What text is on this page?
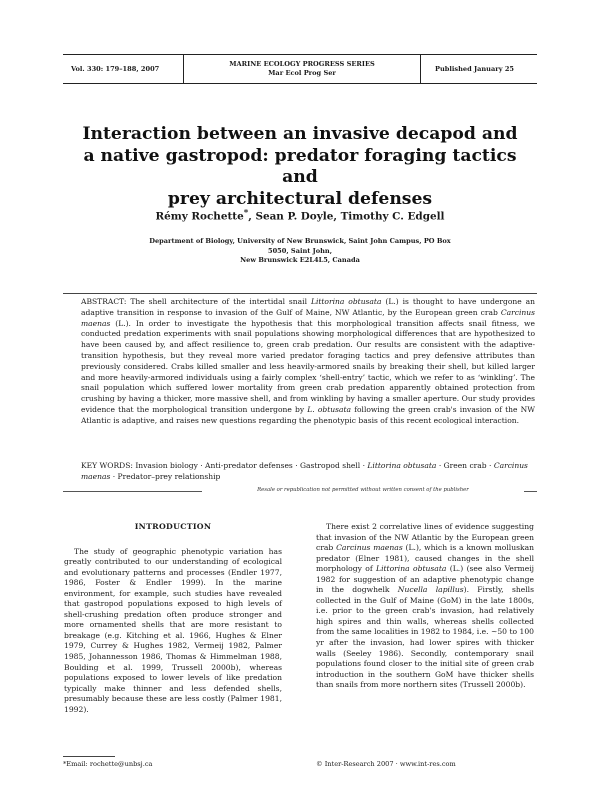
Vol. 330: 179–188, 2007
MARINE ECOLOGY PROGRESS SERIES
Mar Ecol Prog Ser	Published January 25
Interaction between an invasive decapod and
a native gastropod: predator foraging tactics and
prey architectural defenses
Rémy Rochette*, Sean P. Doyle, Timothy C. Edgell
Department of Biology, University of New Brunswick, Saint John Campus, PO Box 5050, Saint John,
New Brunswick E2L4L5, Canada
ABSTRACT: The shell architecture of the intertidal snail Littorina obtusata (L.) is thought to have undergone an adaptive transition in response to invasion of the Gulf of Maine, NW Atlantic, by the European green crab Carcinus maenas (L.). In order to investigate the hypothesis that this morphological transition affects snail fitness, we conducted predation experiments with snail populations showing morphological differences that are hypothesized to have been caused by, and affect resilience to, green crab predation. Our results are consistent with the adaptive-transition hypothesis, but they reveal more varied predator foraging tactics and prey defensive attributes than previously considered. Crabs killed smaller and less heavily-armored snails by breaking their shell, but killed larger and more heavily-armored individuals using a fairly complex ‘shell-entry’ tactic, which we refer to as ‘winkling’. The snail population which suffered lower mortality from green crab predation apparently obtained protection from crushing by having a thicker, more massive shell, and from winkling by having a smaller aperture. Our study provides evidence that the morphological transition undergone by L. obtusata following the green crab's invasion of the NW Atlantic is adaptive, and raises new questions regarding the phenotypic basis of this recent ecological interaction.
KEY WORDS: Invasion biology · Anti-predator defenses · Gastropod shell · Littorina obtusata · Green crab · Carcinus maenas · Predator–prey relationship
Resale or republication not permitted without written consent of the publisher
INTRODUCTION

The study of geographic phenotypic variation has greatly contributed to our understanding of ecological and evolutionary patterns and processes (Endler 1977, 1986, Foster & Endler 1999). In the marine environment, for example, such studies have revealed that gastropod populations exposed to high levels of shell-crushing predation often produce stronger and more ornamented shells that are more resistant to breakage (e.g. Kitching et al. 1966, Hughes & Elner 1979, Currey & Hughes 1982, Vermeij 1982, Palmer 1985, Johannesson 1986, Thomas & Himmelman 1988, Boulding et al. 1999, Trussell 2000b), whereas populations exposed to lower levels of like predation typically make thinner and less defended shells, presumably because these are less costly (Palmer 1981, 1992).

There exist 2 correlative lines of evidence suggesting that invasion of the NW Atlantic by the European green crab Carcinus maenas (L.), which is a known molluskan predator (Elner 1981), caused changes in the shell morphology of Littorina obtusata (L.) (see also Vermeij 1982 for suggestion of an adaptive phenotypic change in the dogwhelk Nucella lapillus). Firstly, shells collected in the Gulf of Maine (GoM) in the late 1800s, i.e. prior to the green crab's invasion, had relatively high spires and thin walls, whereas shells collected from the same localities in 1982 to 1984, i.e. ~50 to 100 yr after the invasion, had lower spires with thicker walls (Seeley 1986). Secondly, contemporary snail populations found closer to the initial site of green crab introduction in the southern GoM have thicker shells than snails from more northern sites (Trussell 2000b).

*Email: rochette@unbsj.ca	© Inter-Research 2007 · www.int-res.com
